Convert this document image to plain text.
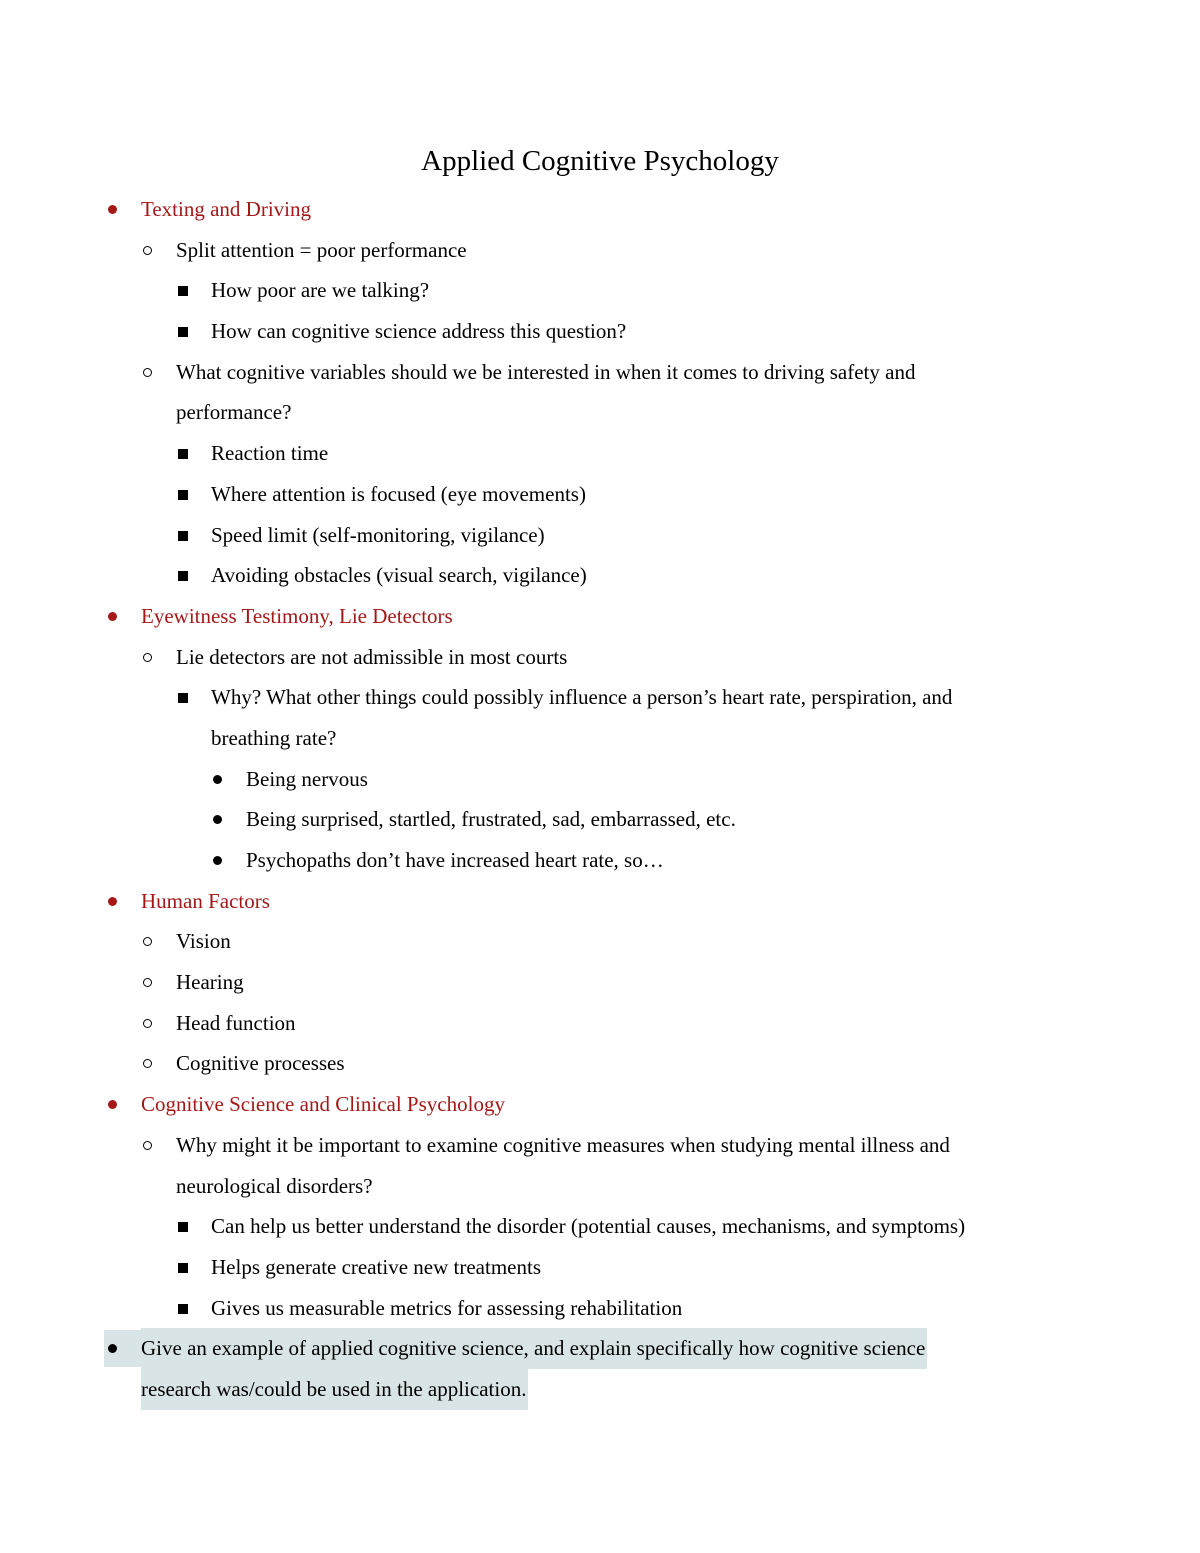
Applied Cognitive Psychology
Texting and Driving
Split attention = poor performance
How poor are we talking?
How can cognitive science address this question?
What cognitive variables should we be interested in when it comes to driving safety and
performance?
Reaction time
Where attention is focused (eye movements)
Speed limit (self-monitoring, vigilance)
Avoiding obstacles (visual search, vigilance)
Eyewitness Testimony, Lie Detectors
Lie detectors are not admissible in most courts
Why? What other things could possibly influence a person’s heart rate, perspiration, and
breathing rate?
Being nervous
Being surprised, startled, frustrated, sad, embarrassed, etc.
Psychopaths don’t have increased heart rate, so…
Human Factors
Vision
Hearing
Head function
Cognitive processes
Cognitive Science and Clinical Psychology
Why might it be important to examine cognitive measures when studying mental illness and
neurological disorders?
Can help us better understand the disorder (potential causes, mechanisms, and symptoms)
Helps generate creative new treatments
Gives us measurable metrics for assessing rehabilitation
Give an example of applied cognitive science, and explain specifically how cognitive science
research was/could be used in the application.
